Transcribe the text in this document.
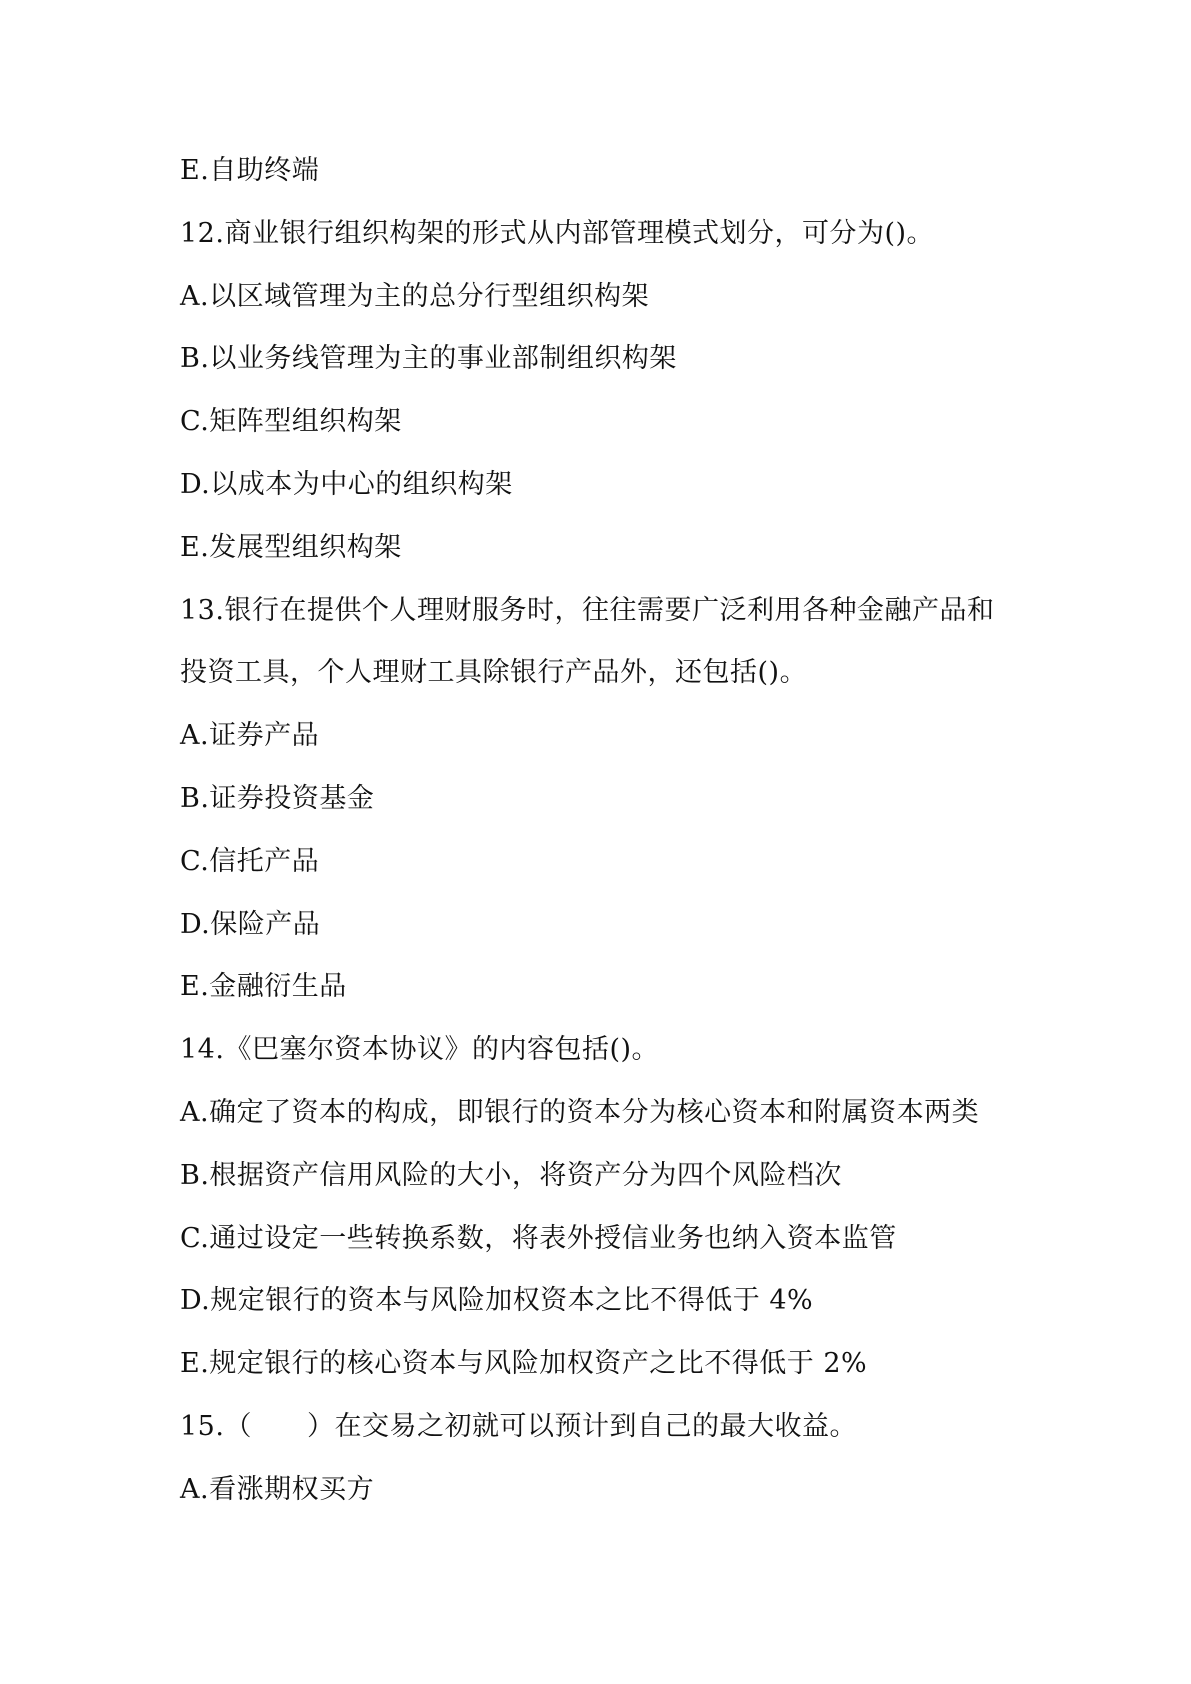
E.自助终端
12.商业银行组织构架的形式从内部管理模式划分，可分为()。
A.以区域管理为主的总分行型组织构架
B.以业务线管理为主的事业部制组织构架
C.矩阵型组织构架
D.以成本为中心的组织构架
E.发展型组织构架
13.银行在提供个人理财服务时，往往需要广泛利用各种金融产品和
投资工具，个人理财工具除银行产品外，还包括()。
A.证券产品
B.证券投资基金
C.信托产品
D.保险产品
E.金融衍生品
14.《巴塞尔资本协议》的内容包括()。
A.确定了资本的构成，即银行的资本分为核心资本和附属资本两类
B.根据资产信用风险的大小，将资产分为四个风险档次
C.通过设定一些转换系数，将表外授信业务也纳入资本监管
D.规定银行的资本与风险加权资本之比不得低于 4%
E.规定银行的核心资本与风险加权资产之比不得低于 2%
15.（　　）在交易之初就可以预计到自己的最大收益。
A.看涨期权买方
